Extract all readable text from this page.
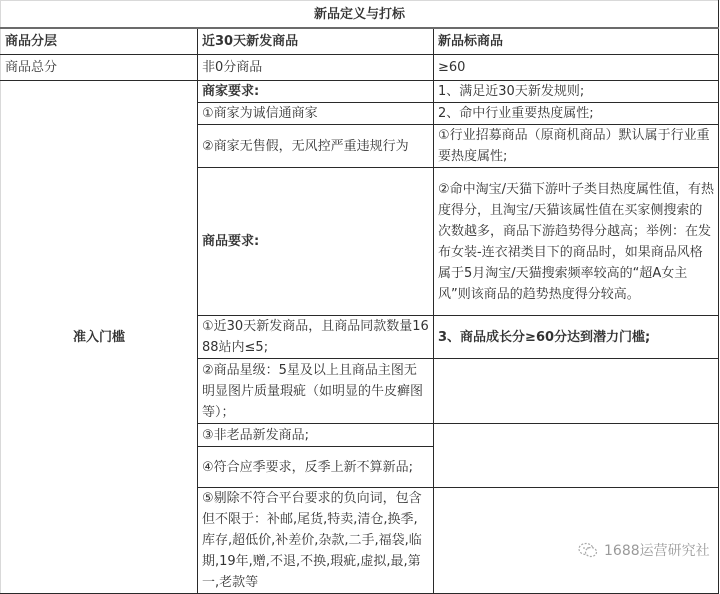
新品定义与打标		
商品分层	近30天新发商品	新品标商品
商品总分	非0分商品	≥60
准入门槛	商家要求:	1、满足近30天新发规则;
	①商家为诚信通商家	2、命中行业重要热度属性;
	②商家无售假，无风控严重违规行为	①行业招募商品（原商机商品）默认属于行业重要热度属性;
	商品要求:	②命中淘宝/天猫下游叶子类目热度属性值，有热度得分，且淘宝/天猫该属性值在买家侧搜索的次数越多，商品下游趋势得分越高；举例：在发布女装-连衣裙类目下的商品时，如果商品风格属于5月淘宝/天猫搜索频率较高的“超A女主风”则该商品的趋势热度得分较高。
	①近30天新发商品，且商品同款数量1688站内≤5;	3、商品成长分≥60分达到潜力门槛;
	②商品星级：5星及以上且商品主图无明显图片质量瑕疵（如明显的牛皮癣图等）；	
	③非老品新发商品;	
	④符合应季要求，反季上新不算新品;	
	⑤剔除不符合平台要求的负向词，包含但不限于：补邮,尾货,特卖,清仓,换季,库存,超低价,补差价,杂款,二手,福袋,临期,19年,赠,不退,不换,瑕疵,虚拟,最,第一,老款等	
1688运营研究社
